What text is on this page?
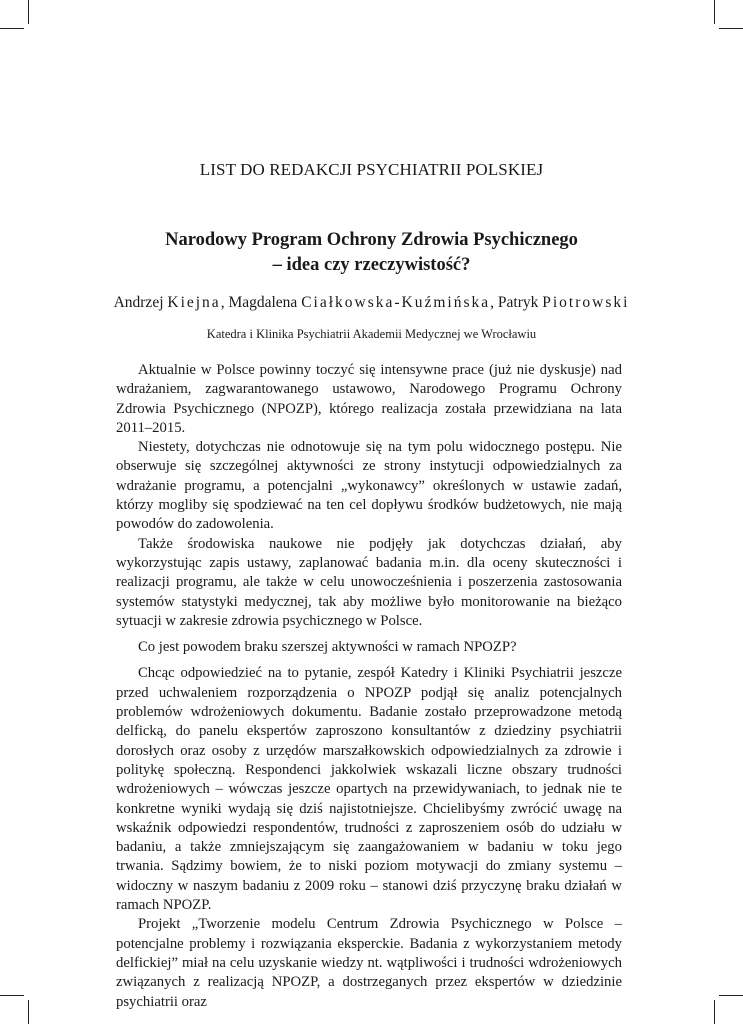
LIST DO REDAKCJI PSYCHIATRII POLSKIEJ
Narodowy Program Ochrony Zdrowia Psychicznego
– idea czy rzeczywistość?
Andrzej Kiejna, Magdalena Ciałkowska-Kuźmińska, Patryk Piotrowski
Katedra i Klinika Psychiatrii Akademii Medycznej we Wrocławiu

Aktualnie w Polsce powinny toczyć się intensywne prace (już nie dyskusje) nad wdrażaniem, zagwarantowanego ustawowo, Narodowego Programu Ochrony Zdrowia Psychicznego (NPOZP), którego realizacja została przewidziana na lata 2011–2015.

Niestety, dotychczas nie odnotowuje się na tym polu widocznego postępu. Nie obserwuje się szczególnej aktywności ze strony instytucji odpowiedzialnych za wdrażanie programu, a potencjalni „wykonawcy” określonych w ustawie zadań, którzy mogliby się spodziewać na ten cel dopływu środków budżetowych, nie mają powodów do zadowolenia.

Także środowiska naukowe nie podjęły jak dotychczas działań, aby wykorzystując zapis ustawy, zaplanować badania m.in. dla oceny skuteczności i realizacji programu, ale także w celu unowocześnienia i poszerzenia zastosowania systemów statystyki medycznej, tak aby możliwe było monitorowanie na bieżąco sytuacji w zakresie zdrowia psychicznego w Polsce.

Co jest powodem braku szerszej aktywności w ramach NPOZP?

Chcąc odpowiedzieć na to pytanie, zespół Katedry i Kliniki Psychiatrii jeszcze przed uchwaleniem rozporządzenia o NPOZP podjął się analiz potencjalnych problemów wdrożeniowych dokumentu. Badanie zostało przeprowadzone metodą delficką, do panelu ekspertów zaproszono konsultantów z dziedziny psychiatrii dorosłych oraz osoby z urzędów marszałkowskich odpowiedzialnych za zdrowie i politykę społeczną. Respondenci jakkolwiek wskazali liczne obszary trudności wdrożeniowych – wówczas jeszcze opartych na przewidywaniach, to jednak nie te konkretne wyniki wydają się dziś najistotniejsze. Chcielibyśmy zwrócić uwagę na wskaźnik odpowiedzi respondentów, trudności z zaproszeniem osób do udziału w badaniu, a także zmniejszającym się zaangażowaniem w badaniu w toku jego trwania. Sądzimy bowiem, że to niski poziom motywacji do zmiany systemu – widoczny w naszym badaniu z 2009 roku – stanowi dziś przyczynę braku działań w ramach NPOZP.

Projekt „Tworzenie modelu Centrum Zdrowia Psychicznego w Polsce – potencjalne problemy i rozwiązania eksperckie. Badania z wykorzystaniem metody delfickiej” miał na celu uzyskanie wiedzy nt. wątpliwości i trudności wdrożeniowych związanych z realizacją NPOZP, a dostrzeganych przez ekspertów w dziedzinie psychiatrii oraz
